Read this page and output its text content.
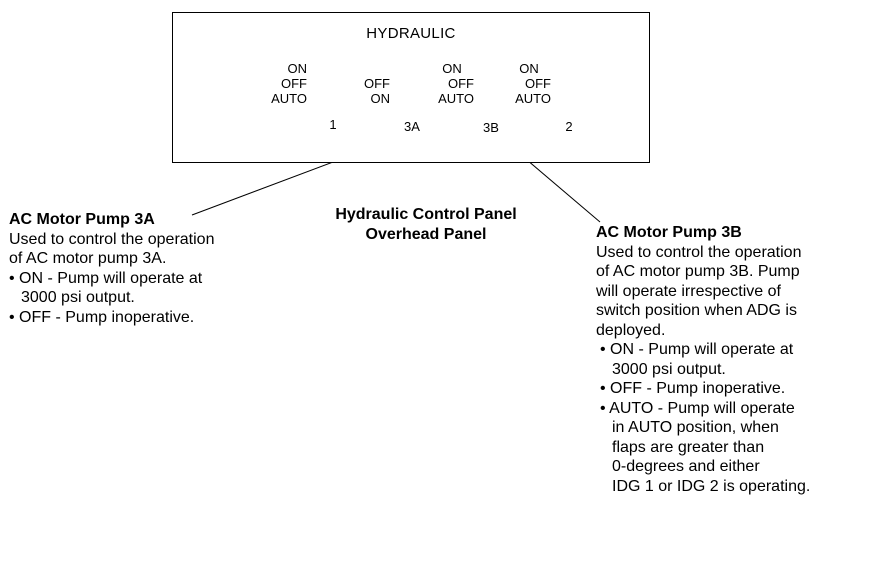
HYDRAULIC
ON
OFF
AUTO
1
OFF
ON
3A
ON
OFF
AUTO
3B
ON
OFF
AUTO
2
Hydraulic Control Panel
Overhead Panel
AC Motor Pump 3A
Used to control the operation
of AC motor pump 3A.
• ON - Pump will operate at
3000 psi output.
• OFF - Pump inoperative.
AC Motor Pump 3B
Used to control the operation
of AC motor pump 3B. Pump
will operate irrespective of
switch position when ADG is
deployed.
• ON - Pump will operate at
3000 psi output.
• OFF - Pump inoperative.
• AUTO - Pump will operate
in AUTO position, when
flaps are greater than
0-degrees and either
IDG 1 or IDG 2 is operating.
